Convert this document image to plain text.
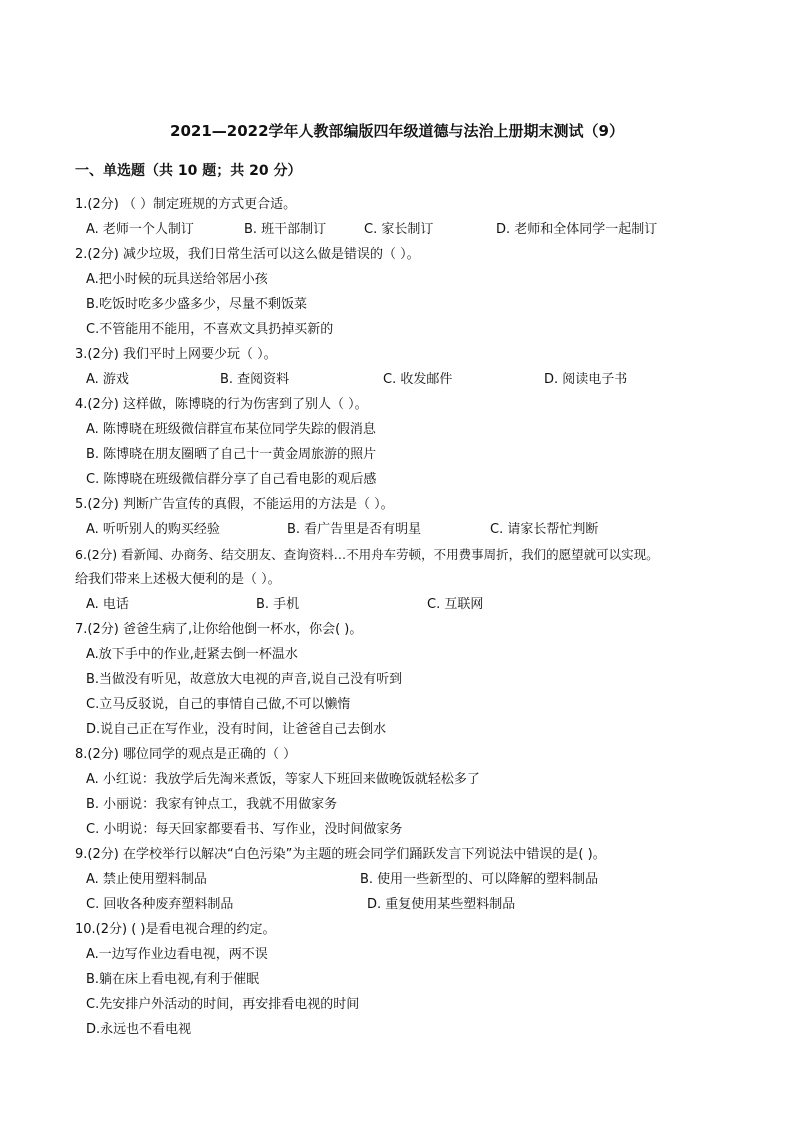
2021—2022学年人教部编版四年级道德与法治上册期末测试（9）
一、单选题（共 10 题；共 20 分）
1.(2分) （ ）制定班规的方式更合适。
A. 老师一个人制订	B. 班干部制订	C. 家长制订	D. 老师和全体同学一起制订
2.(2分) 减少垃圾，我们日常生活可以这么做是错误的（ ）。
A.把小时候的玩具送给邻居小孩
B.吃饭时吃多少盛多少，尽量不剩饭菜
C.不管能用不能用，不喜欢文具扔掉买新的
3.(2分) 我们平时上网要少玩（ ）。
A. 游戏	B. 查阅资料	C. 收发邮件	D. 阅读电子书
4.(2分) 这样做，陈博晓的行为伤害到了别人（ ）。
A. 陈博晓在班级微信群宣布某位同学失踪的假消息
B. 陈博晓在朋友圈晒了自己十一黄金周旅游的照片
C. 陈博晓在班级微信群分享了自己看电影的观后感
5.(2分) 判断广告宣传的真假，不能运用的方法是（ ）。
A. 听听别人的购买经验	B. 看广告里是否有明星	C. 请家长帮忙判断
6.(2分) 看新闻、办商务、结交朋友、查询资料…不用舟车劳顿，不用费事周折，我们的愿望就可以实现。
给我们带来上述极大便利的是（ ）。
A. 电话	B. 手机	C. 互联网
7.(2分) 爸爸生病了,让你给他倒一杯水，你会( )。
A.放下手中的作业,赶紧去倒一杯温水
B.当做没有听见，故意放大电视的声音,说自己没有听到
C.立马反驳说，自己的事情自己做,不可以懒惰
D.说自己正在写作业，没有时间，让爸爸自己去倒水
8.(2分) 哪位同学的观点是正确的（ ）
A. 小红说：我放学后先淘米煮饭，等家人下班回来做晚饭就轻松多了
B. 小丽说：我家有钟点工，我就不用做家务
C. 小明说：每天回家都要看书、写作业，没时间做家务
9.(2分) 在学校举行以解决“白色污染”为主题的班会同学们踊跃发言下列说法中错误的是( )。
A. 禁止使用塑料制品	B. 使用一些新型的、可以降解的塑料制品
C. 回收各种废弃塑料制品	D. 重复使用某些塑料制品
10.(2分) ( )是看电视合理的约定。
A.一边写作业边看电视，两不误
B.躺在床上看电视,有利于催眠
C.先安排户外活动的时间，再安排看电视的时间
D.永远也不看电视
